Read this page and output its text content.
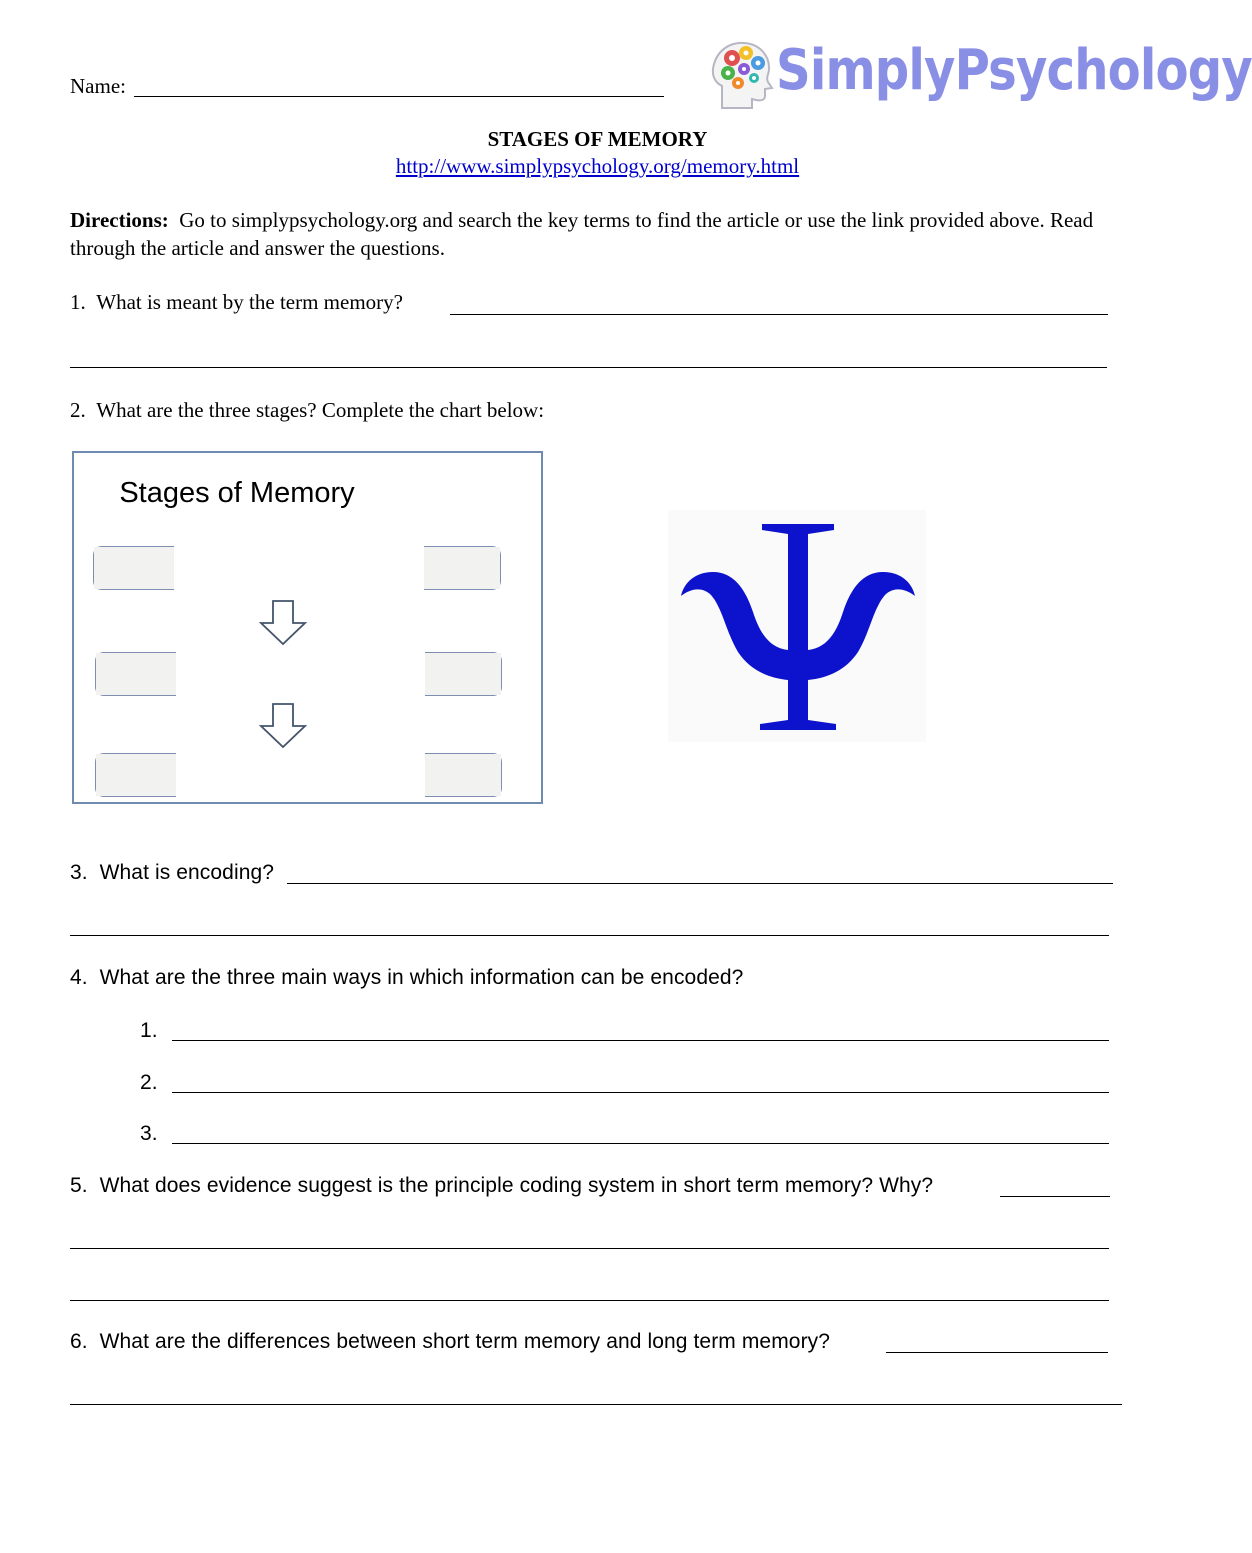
Name:	SimplyPsychology
STAGES OF MEMORY
http://www.simplypsychology.org/memory.html
Directions: Go to simplypsychology.org and search the key terms to find the article or use the link provided above. Read through the article and answer the questions.
1. What is meant by the term memory?
2. What are the three stages? Complete the chart below:
Stages of Memory
3. What is encoding?
4. What are the three main ways in which information can be encoded?
1.
2.
3.
5. What does evidence suggest is the principle coding system in short term memory? Why?
6. What are the differences between short term memory and long term memory?
